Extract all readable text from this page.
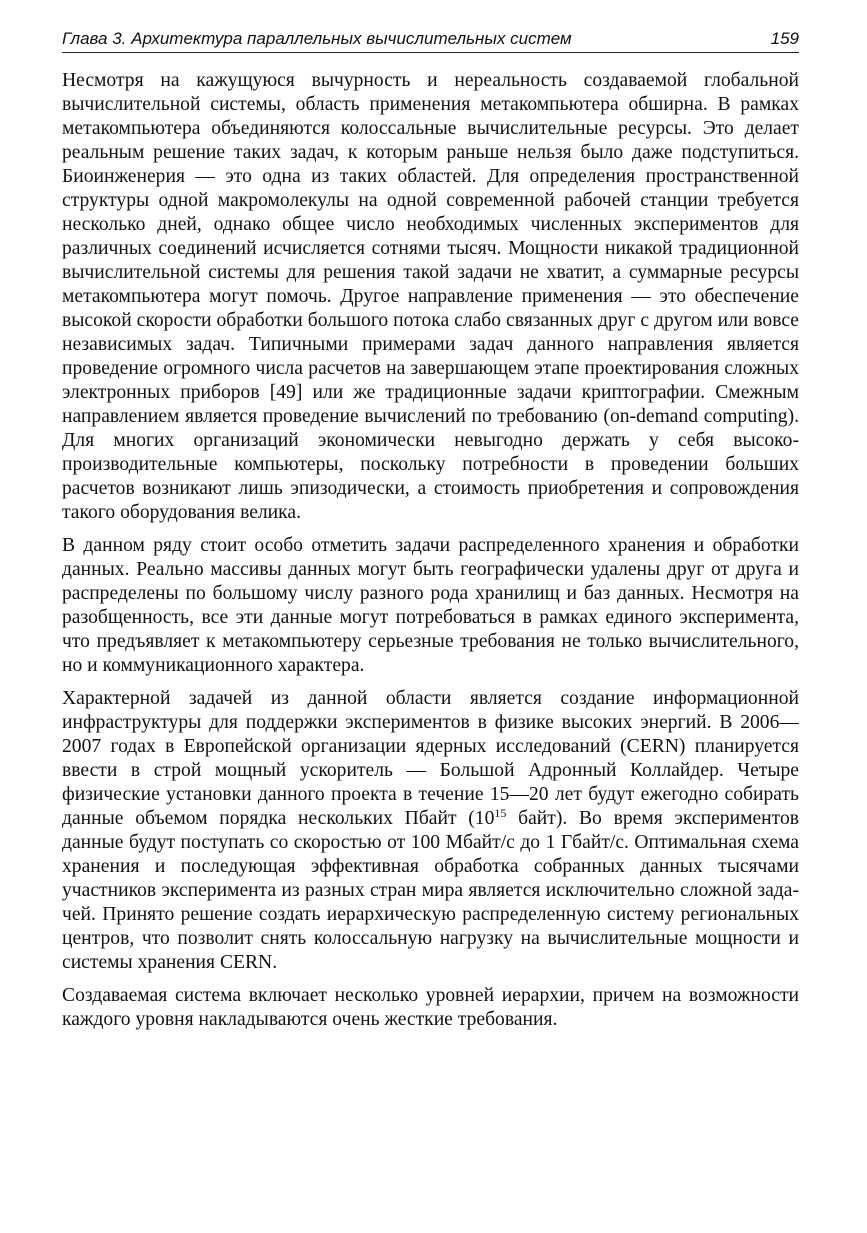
Глава 3. Архитектура параллельных вычислительных систем	159

Несмотря на кажущуюся вычурность и нереальность создаваемой глобальной вычислительной системы, область применения метакомпьютера обширна. В рамках метакомпьютера объединяются колоссальные вычислительные ресурсы. Это делает реальным решение таких задач, к которым раньше нельзя было даже подступиться. Биоинженерия — это одна из таких областей. Для определения пространственной структуры одной макромолекулы на одной современной рабочей станции требуется несколько дней, однако общее число необходимых численных экспериментов для различных соединений исчисляется сотнями тысяч. Мощности никакой традиционной вычислительной системы для решения такой задачи не хватит, а суммарные ресурсы метакомпьютера могут помочь. Другое направление применения — это обеспечение высокой скорости обработки большого потока слабо связанных друг с другом или вовсе независимых задач. Типичными примерами задач данного направления является проведение огромного числа расчетов на завершающем этапе проектирования сложных электронных приборов [49] или же традиционные задачи криптографии. Смежным направлением является проведение вычислений по требованию (on-demand computing). Для многих организаций экономически невыгодно держать у себя высокопроизводительные компьютеры, поскольку потребности в проведении больших расчетов возникают лишь эпизодически, а стоимость приобретения и сопровождения такого оборудования велика.

В данном ряду стоит особо отметить задачи распределенного хранения и обработки данных. Реально массивы данных могут быть географически удалены друг от друга и распределены по большому числу разного рода хранилищ и баз данных. Несмотря на разобщенность, все эти данные могут потребоваться в рамках единого эксперимента, что предъявляет к метакомпьютеру серьезные требования не только вычислительного, но и коммуникационного характера.

Характерной задачей из данной области является создание информационной инфраструктуры для поддержки экспериментов в физике высоких энергий. В 2006—2007 годах в Европейской организации ядерных исследований (CERN) планируется ввести в строй мощный ускоритель — Большой Адронный Коллайдер. Четыре физические установки данного проекта в течение 15—20 лет будут ежегодно собирать данные объемом порядка нескольких Пбайт ($10^{15}$ байт). Во время экспериментов данные будут поступать со скоростью от 100 Мбайт/с до 1 Гбайт/с. Оптимальная схема хранения и последующая эффективная обработка собранных данных тысячами участников эксперимента из разных стран мира является исключительно сложной задачей. Принято решение создать иерархическую распределенную систему региональных центров, что позволит снять колоссальную нагрузку на вычислительные мощности и системы хранения CERN.

Создаваемая система включает несколько уровней иерархии, причем на возможности каждого уровня накладываются очень жесткие требования.
